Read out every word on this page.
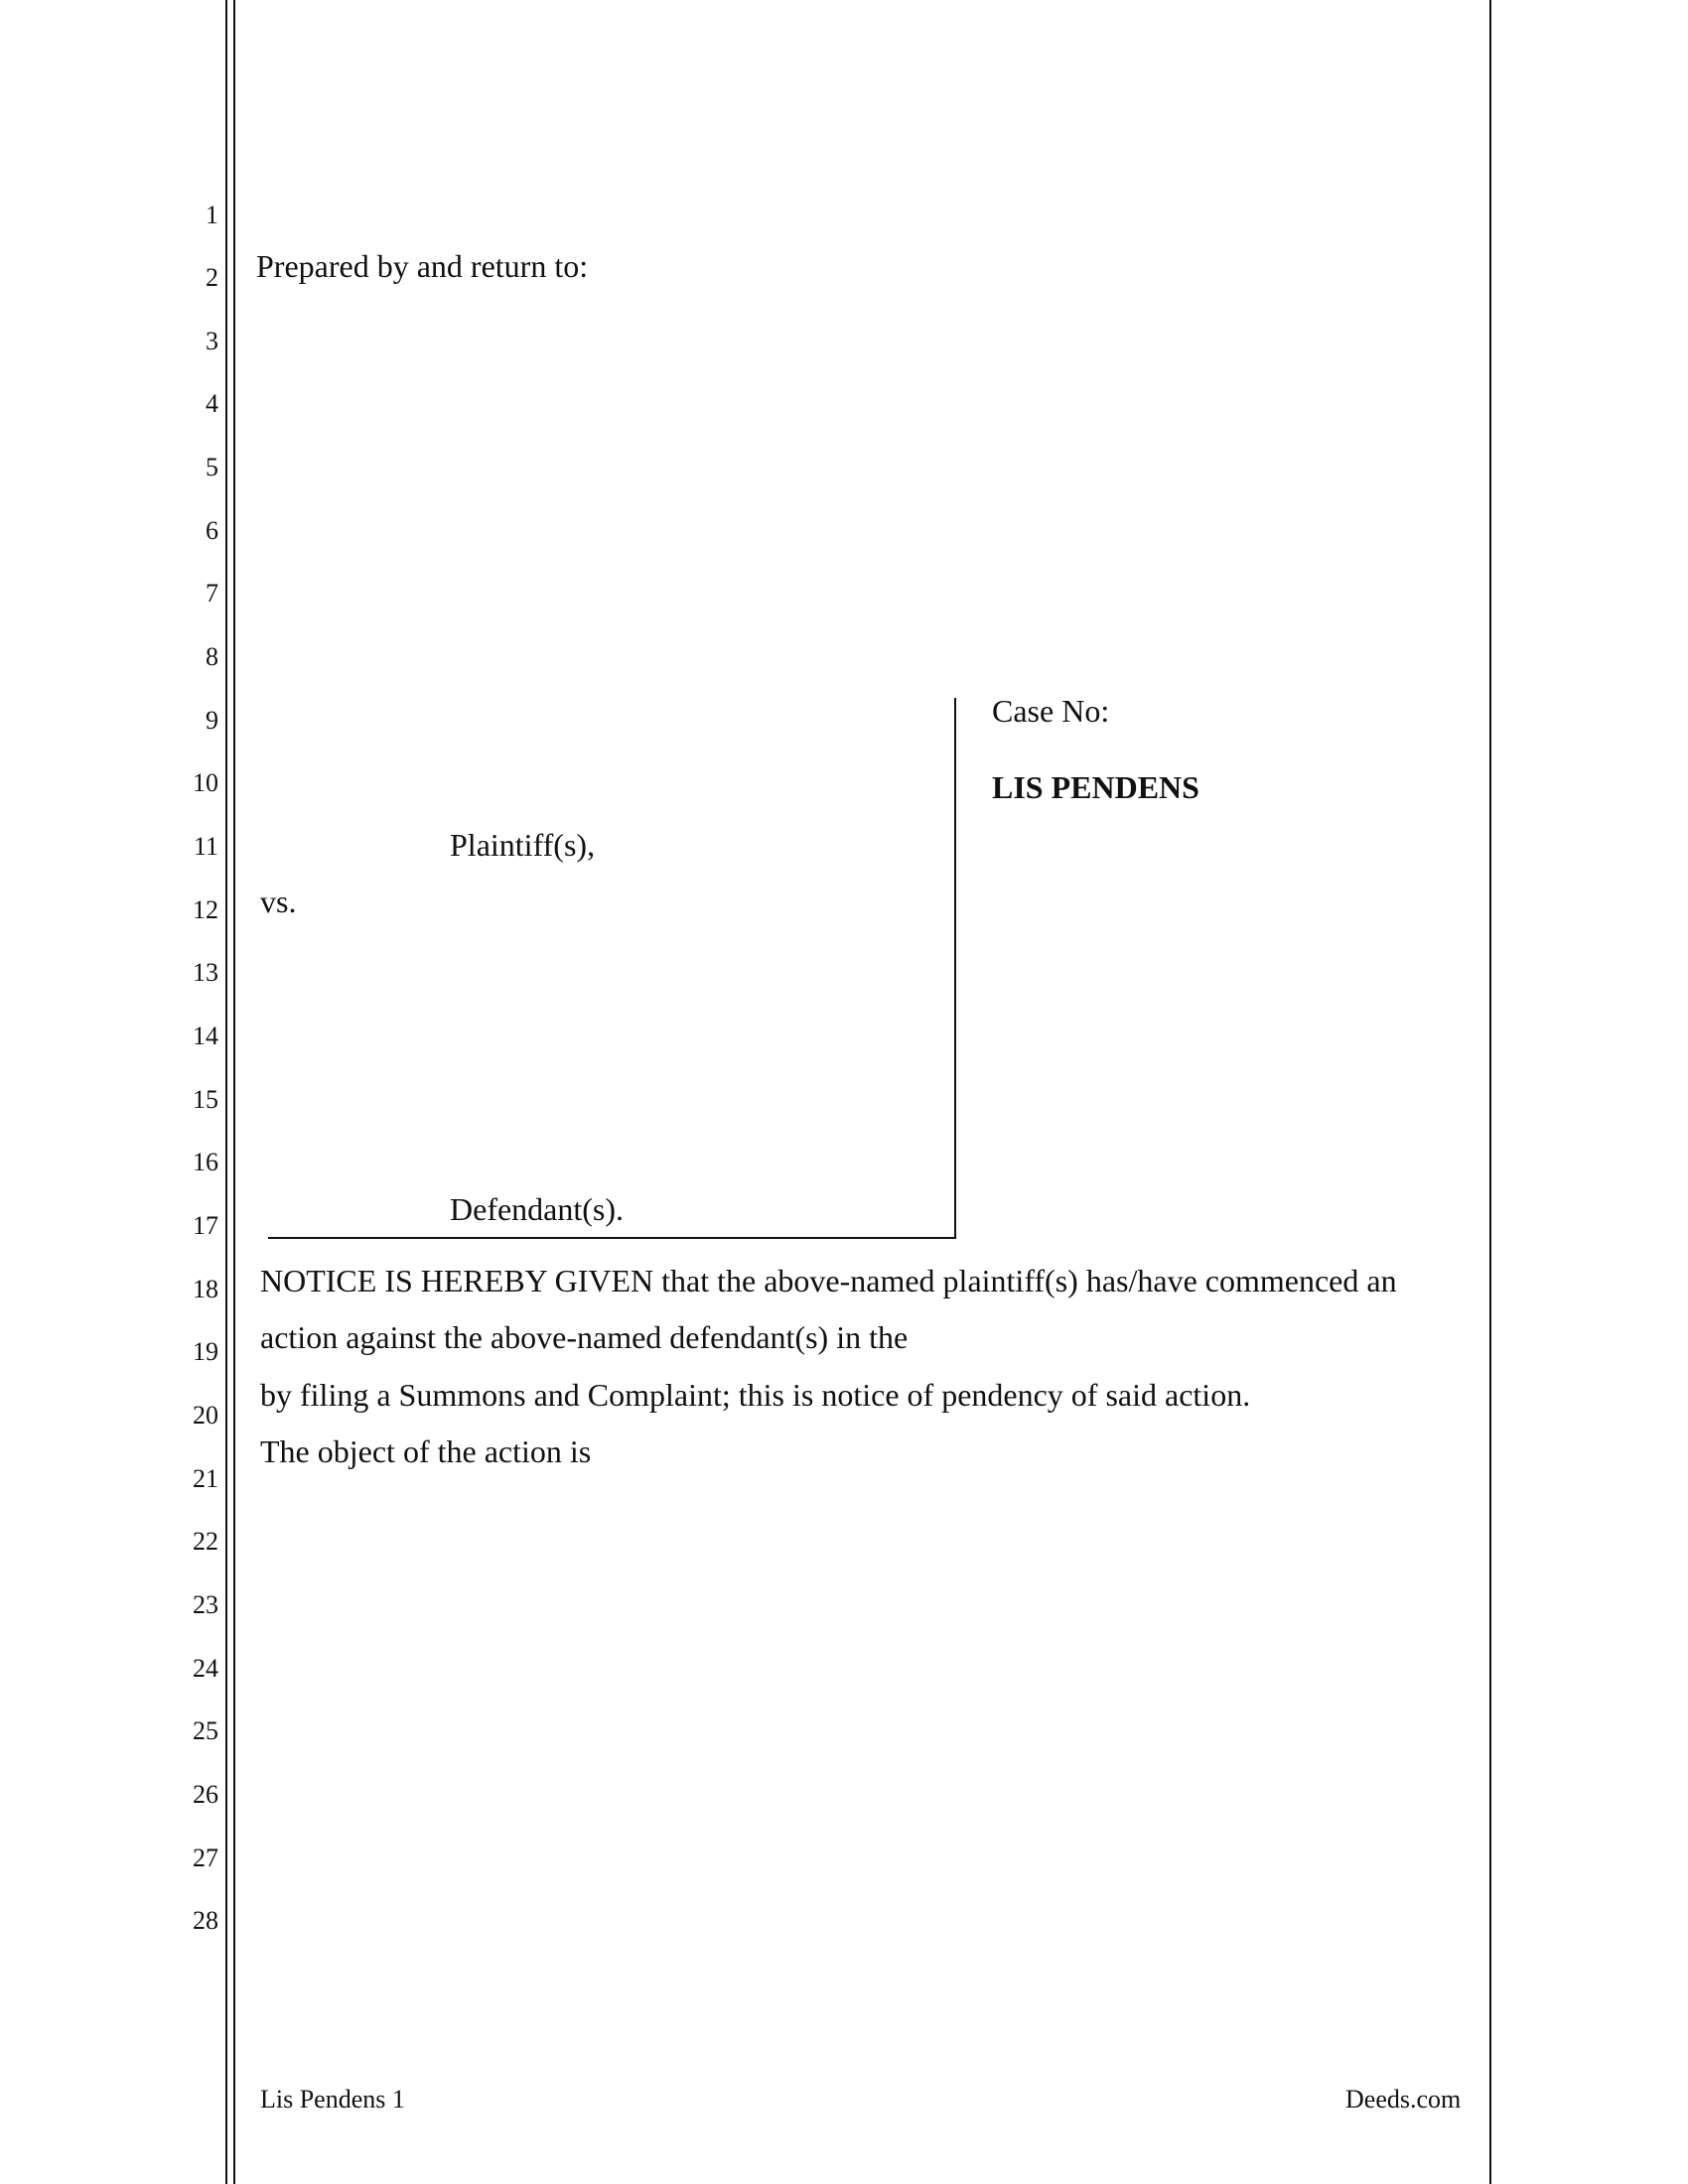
1
2
3
4
5
6
7
8
9
10
11
12
13
14
15
16
17
18
19
20
21
22
23
24
25
26
27
28
Prepared by and return to:
Case No:
LIS PENDENS
Plaintiff(s),
vs.
Defendant(s).
NOTICE IS HEREBY GIVEN that the above-named plaintiff(s) has/have commenced an
action against the above-named defendant(s) in the
by filing a Summons and Complaint; this is notice of pendency of said action.
The object of the action is
Lis Pendens 1	Deeds.com
